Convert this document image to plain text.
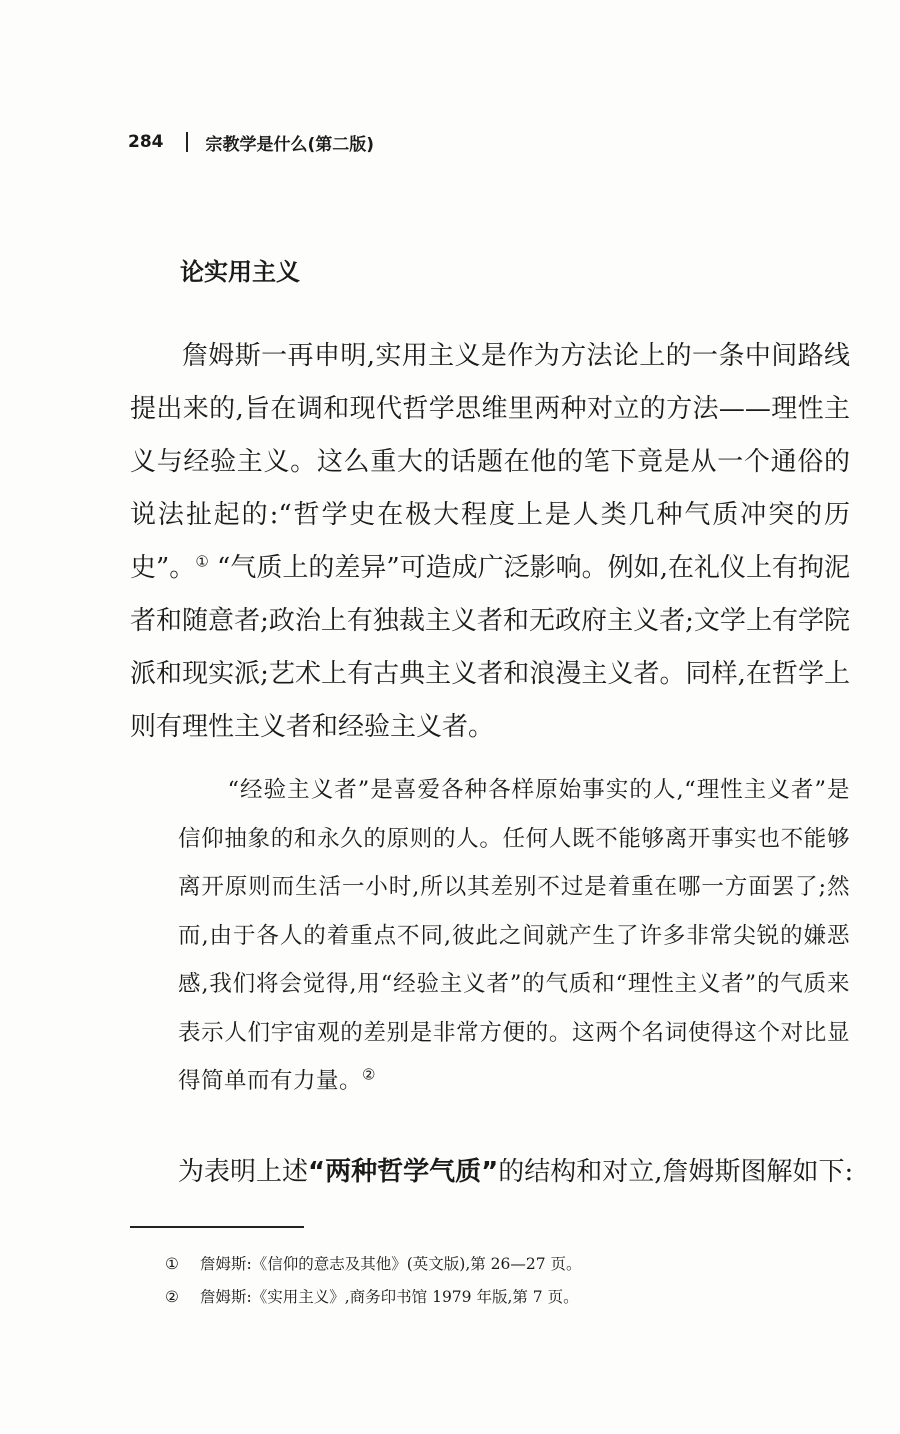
284 宗教学是什么(第二版)
论实用主义

詹姆斯一再申明,实用主义是作为方法论上的一条中间路线提出来的,旨在调和现代哲学思维里两种对立的方法——理性主义与经验主义。这么重大的话题在他的笔下竟是从一个通俗的说法扯起的:“哲学史在极大程度上是人类几种气质冲突的历史”。① “气质上的差异”可造成广泛影响。例如,在礼仪上有拘泥者和随意者;政治上有独裁主义者和无政府主义者;文学上有学院派和现实派;艺术上有古典主义者和浪漫主义者。同样,在哲学上则有理性主义者和经验主义者。

“经验主义者”是喜爱各种各样原始事实的人,“理性主义者”是信仰抽象的和永久的原则的人。任何人既不能够离开事实也不能够离开原则而生活一小时,所以其差别不过是着重在哪一方面罢了;然而,由于各人的着重点不同,彼此之间就产生了许多非常尖锐的嫌恶感,我们将会觉得,用“经验主义者”的气质和“理性主义者”的气质来表示人们宇宙观的差别是非常方便的。这两个名词使得这个对比显得简单而有力量。②

为表明上述“两种哲学气质”的结构和对立,詹姆斯图解如下:

①	詹姆斯:《信仰的意志及其他》(英文版),第 26—27 页。
②	詹姆斯:《实用主义》,商务印书馆 1979 年版,第 7 页。
